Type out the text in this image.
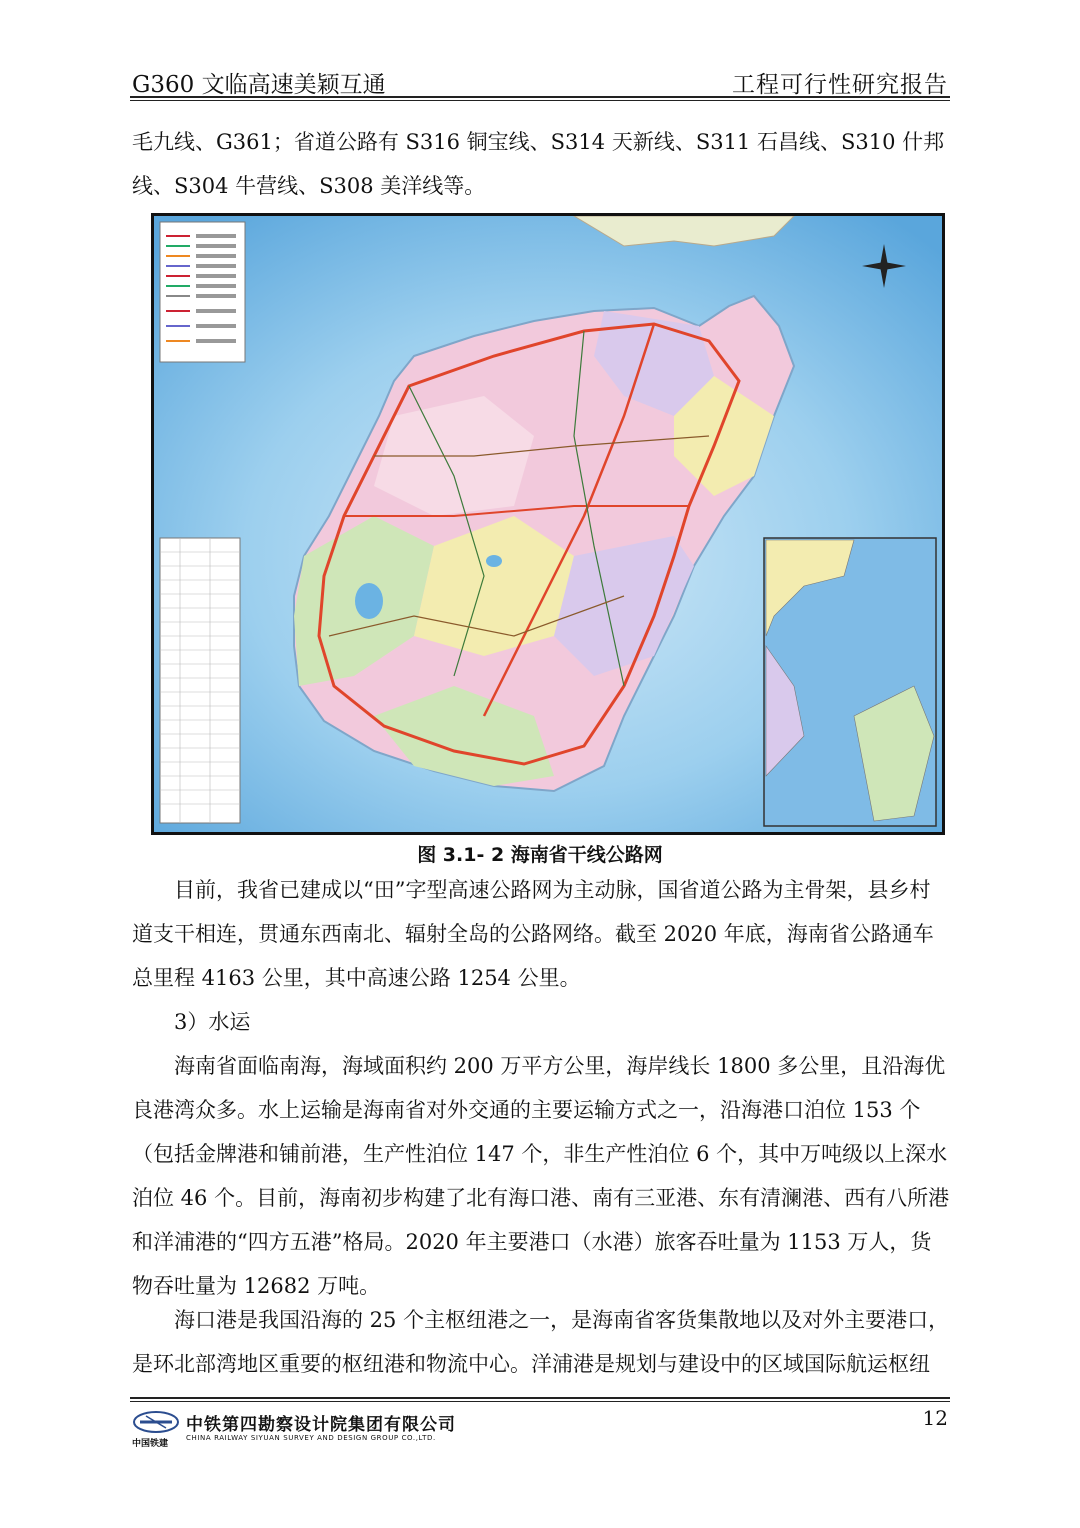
G360 文临高速美颖互通	工程可行性研究报告

毛九线、G361；省道公路有 S316 铜宝线、S314 天新线、S311 石昌线、S310 什邦线、S304 牛营线、S308 美洋线等。

图 3.1- 2 海南省干线公路网

目前，我省已建成以“田”字型高速公路网为主动脉，国省道公路为主骨架，县乡村道支干相连，贯通东西南北、辐射全岛的公路网络。截至 2020 年底，海南省公路通车总里程 4163 公里，其中高速公路 1254 公里。

3）水运

海南省面临南海，海域面积约 200 万平方公里，海岸线长 1800 多公里，且沿海优良港湾众多。水上运输是海南省对外交通的主要运输方式之一，沿海港口泊位 153 个（包括金牌港和铺前港，生产性泊位 147 个，非生产性泊位 6 个，其中万吨级以上深水泊位 46 个。目前，海南初步构建了北有海口港、南有三亚港、东有清澜港、西有八所港和洋浦港的“四方五港”格局。2020 年主要港口（水港）旅客吞吐量为 1153 万人，货物吞吐量为 12682 万吨。

海口港是我国沿海的 25 个主枢纽港之一，是海南省客货集散地以及对外主要港口，是环北部湾地区重要的枢纽港和物流中心。洋浦港是规划与建设中的区域国际航运枢纽

中国铁建
中铁第四勘察设计院集团有限公司
CHINA RAILWAY SIYUAN SURVEY AND DESIGN GROUP CO.,LTD.
12
